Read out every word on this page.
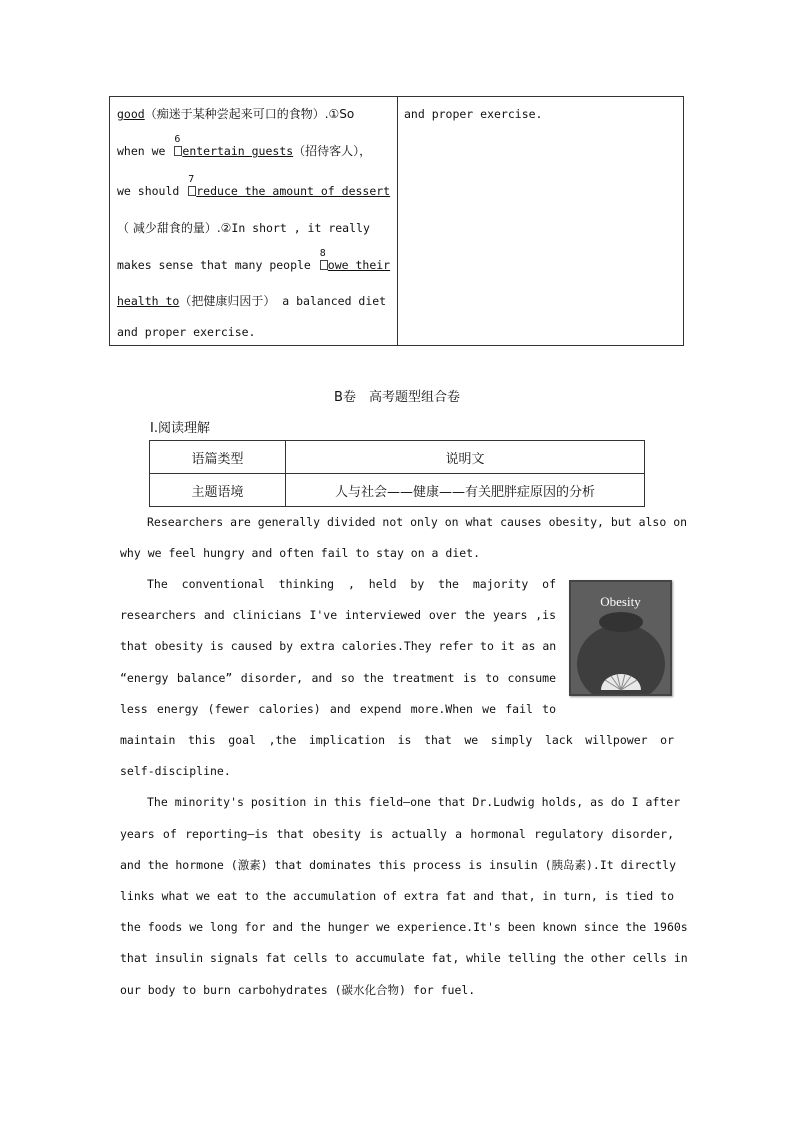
good（痴迷于某种尝起来可口的食物）.①So
when we
6
entertain guests（招待客人），
we should
7
reduce the amount of dessert
（ 减少甜食的量）.②In short , it really
makes sense that many people
8
owe their
health to（把健康归因于） a balanced diet
and proper exercise.
and proper exercise.
B卷　高考题型组合卷
Ⅰ.阅读理解
语篇类型	说明文
主题语境	人与社会——健康——有关肥胖症原因的分析
Researchers are generally divided not only on what causes obesity, but also on
why we feel hungry and often fail to stay on a diet.
The conventional thinking , held by the majority of
researchers and clinicians I've interviewed over the years ,is
that obesity is caused by extra calories.They refer to it as an
“energy balance” disorder, and so the treatment is to consume
less energy (fewer calories) and expend more.When we fail to
maintain this goal ,the implication is that we simply lack willpower or
self-discipline.
The minority's position in this field—one that Dr.Ludwig holds, as do I after
years of reporting—is that obesity is actually a hormonal regulatory disorder,
and the hormone (激素) that dominates this process is insulin (胰岛素).It directly
links what we eat to the accumulation of extra fat and that, in turn, is tied to
the foods we long for and the hunger we experience.It's been known since the 1960s
that insulin signals fat cells to accumulate fat, while telling the other cells in
our body to burn carbohydrates (碳水化合物) for fuel.
Obesity
